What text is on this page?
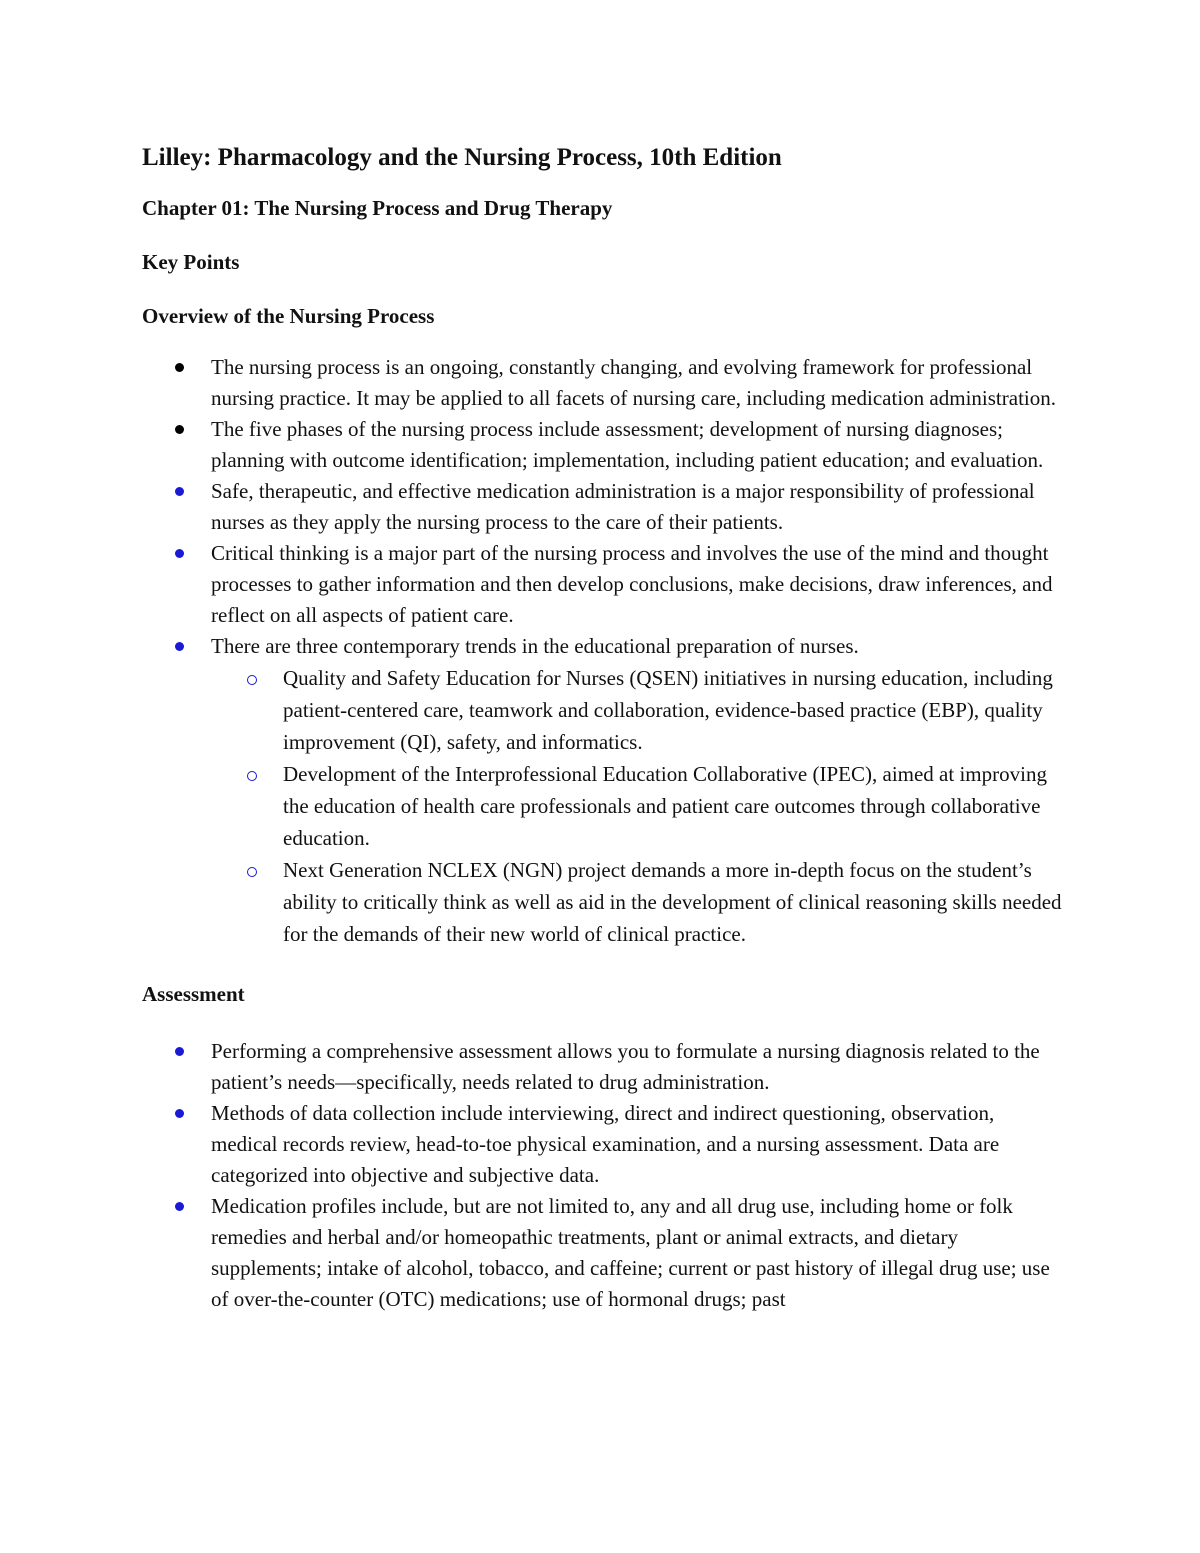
Lilley: Pharmacology and the Nursing Process, 10th Edition
Chapter 01: The Nursing Process and Drug Therapy
Key Points
Overview of the Nursing Process
The nursing process is an ongoing, constantly changing, and evolving framework for professional nursing practice. It may be applied to all facets of nursing care, including medication administration.
The five phases of the nursing process include assessment; development of nursing diagnoses; planning with outcome identification; implementation, including patient education; and evaluation.
Safe, therapeutic, and effective medication administration is a major responsibility of professional nurses as they apply the nursing process to the care of their patients.
Critical thinking is a major part of the nursing process and involves the use of the mind and thought processes to gather information and then develop conclusions, make decisions, draw inferences, and reflect on all aspects of patient care.
There are three contemporary trends in the educational preparation of nurses.
Quality and Safety Education for Nurses (QSEN) initiatives in nursing education, including patient-centered care, teamwork and collaboration, evidence-based practice (EBP), quality improvement (QI), safety, and informatics.
Development of the Interprofessional Education Collaborative (IPEC), aimed at improving the education of health care professionals and patient care outcomes through collaborative education.
Next Generation NCLEX (NGN) project demands a more in-depth focus on the student’s ability to critically think as well as aid in the development of clinical reasoning skills needed for the demands of their new world of clinical practice.
Assessment
Performing a comprehensive assessment allows you to formulate a nursing diagnosis related to the patient’s needs—specifically, needs related to drug administration.
Methods of data collection include interviewing, direct and indirect questioning, observation, medical records review, head-to-toe physical examination, and a nursing assessment. Data are categorized into objective and subjective data.
Medication profiles include, but are not limited to, any and all drug use, including home or folk remedies and herbal and/or homeopathic treatments, plant or animal extracts, and dietary supplements; intake of alcohol, tobacco, and caffeine; current or past history of illegal drug use; use of over-the-counter (OTC) medications; use of hormonal drugs; past
